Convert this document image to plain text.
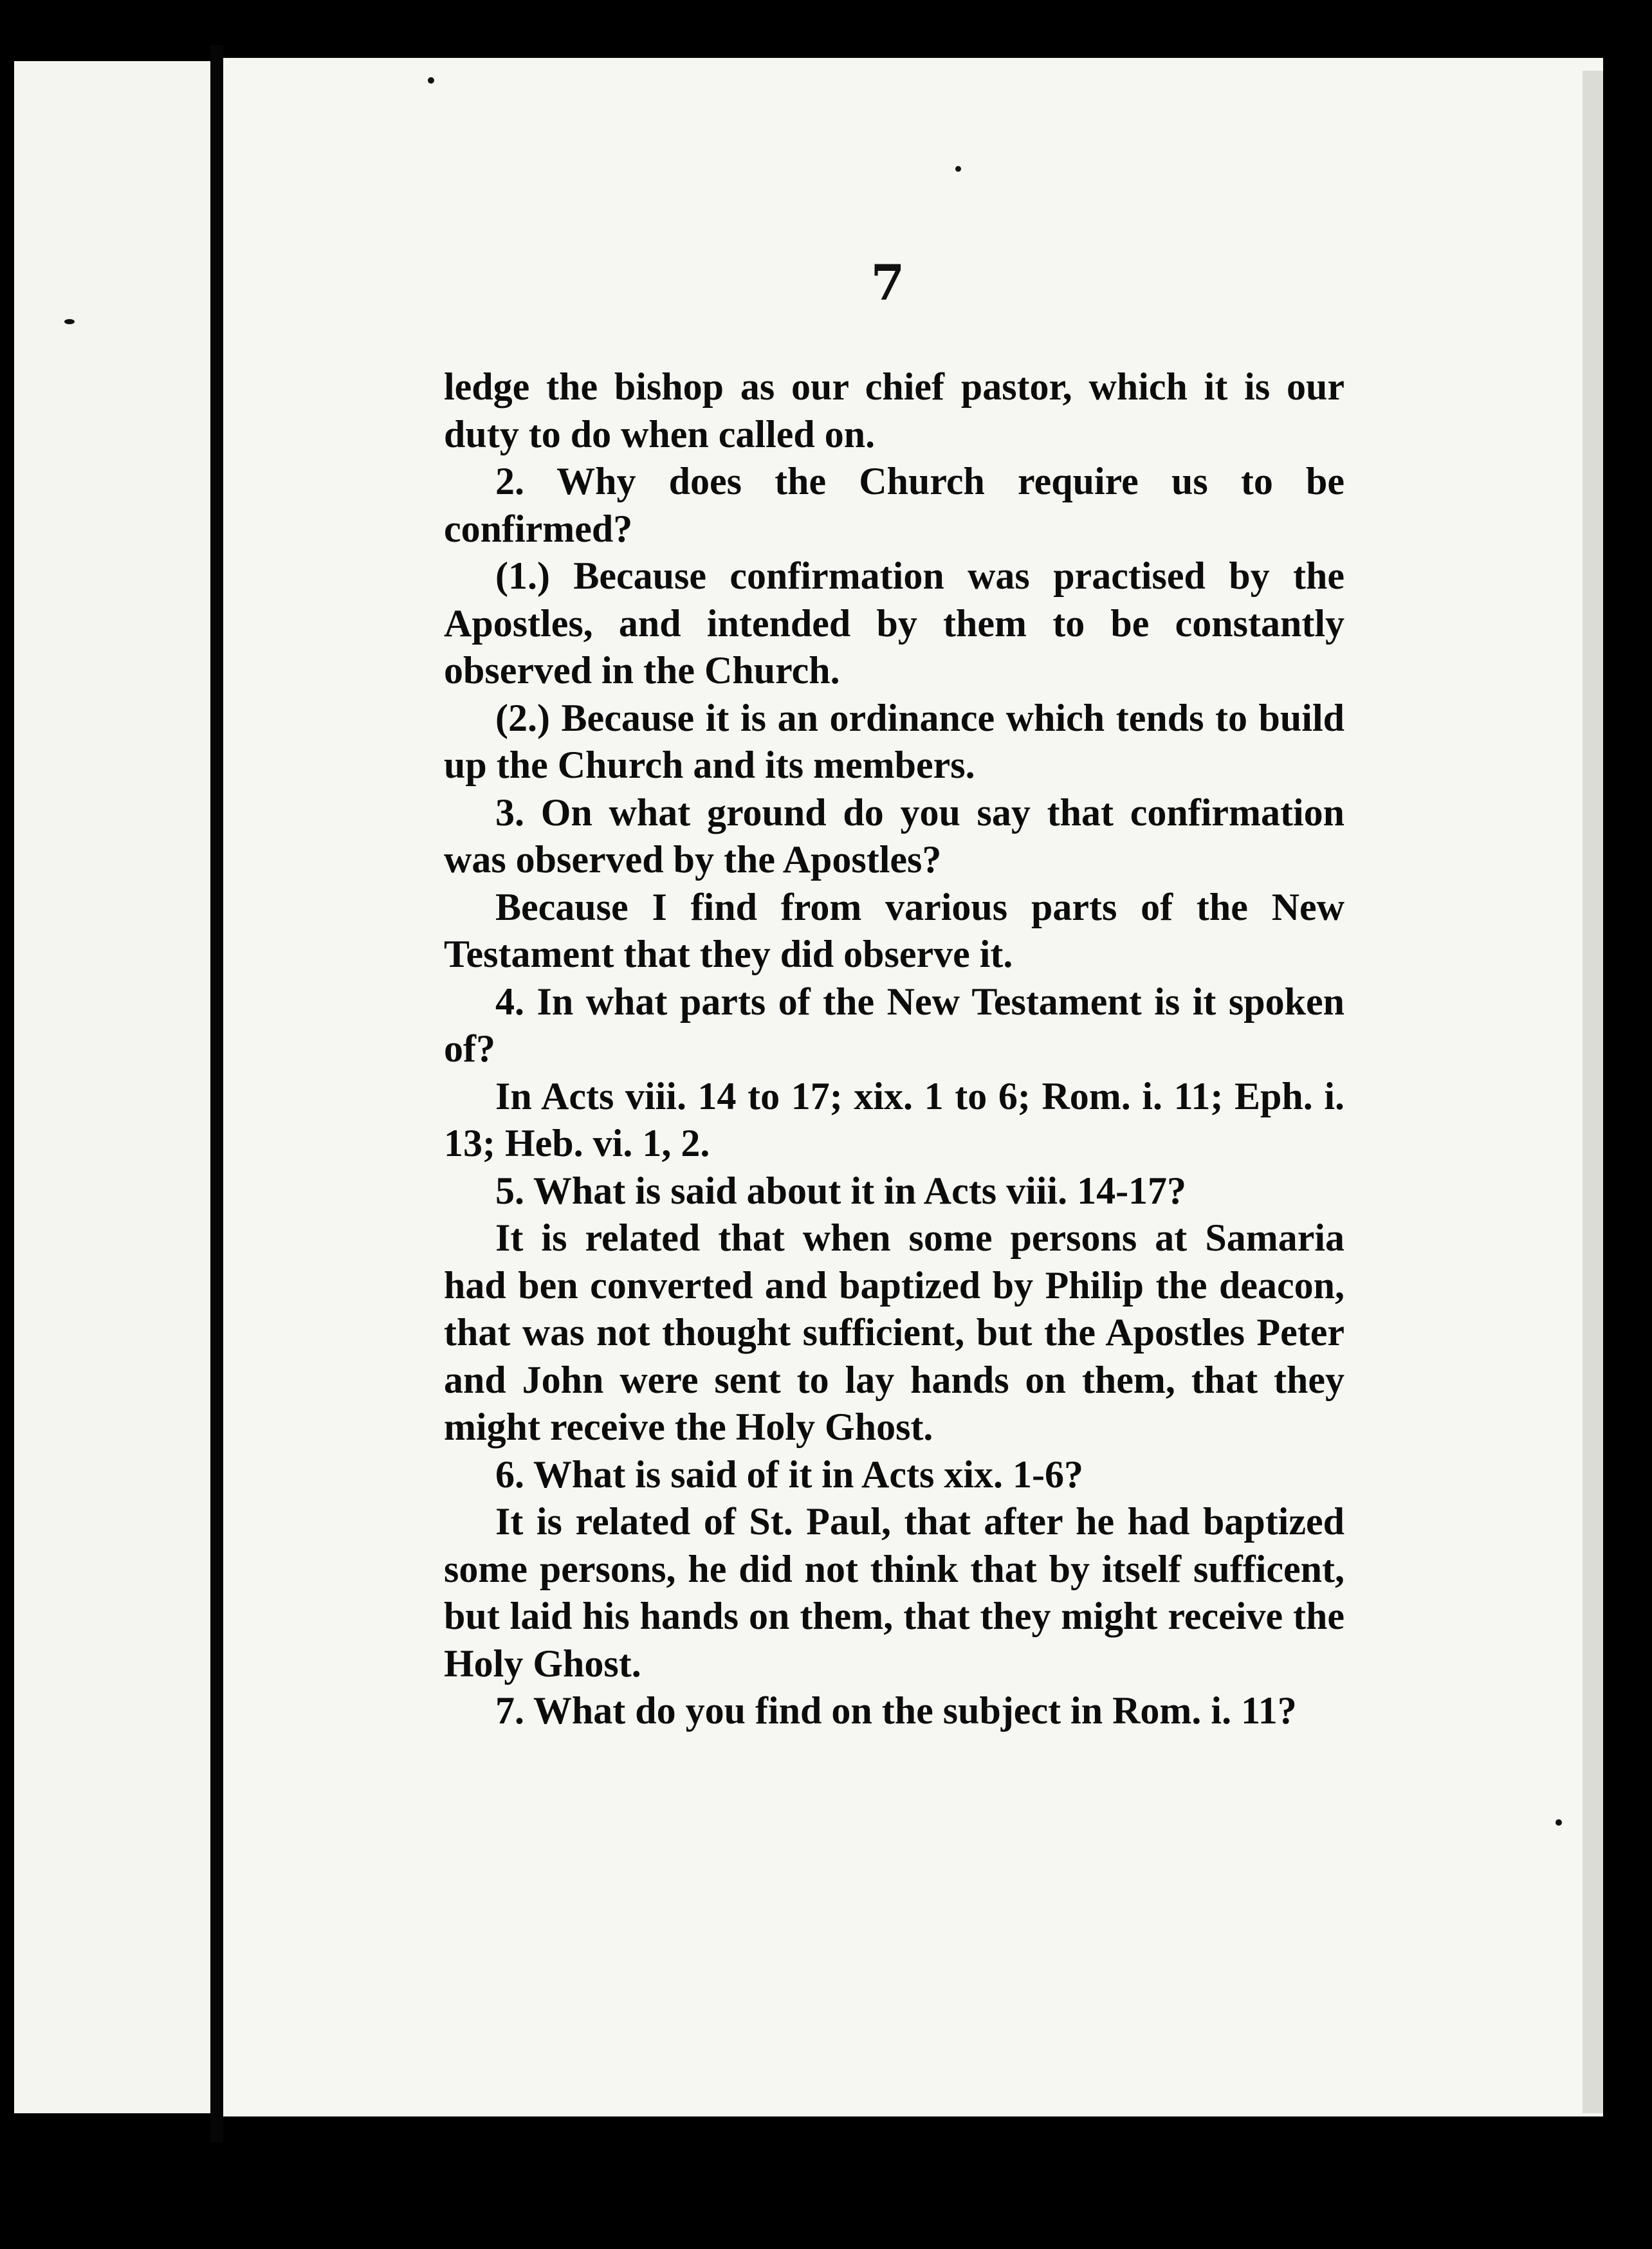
7

ledge the bishop as our chief pastor, which it is our duty to do when called on.

2. Why does the Church require us to be confirmed?

(1.) Because confirmation was practised by the Apostles, and intended by them to be constantly observed in the Church.

(2.) Because it is an ordinance which tends to build up the Church and its members.

3. On what ground do you say that confirmation was observed by the Apostles?

Because I find from various parts of the New Testament that they did observe it.

4. In what parts of the New Testament is it spoken of?

In Acts viii. 14 to 17; xix. 1 to 6; Rom. i. 11; Eph. i. 13; Heb. vi. 1, 2.

5. What is said about it in Acts viii. 14-17?

It is related that when some persons at Samaria had ben converted and baptized by Philip the deacon, that was not thought sufficient, but the Apostles Peter and John were sent to lay hands on them, that they might receive the Holy Ghost.

6. What is said of it in Acts xix. 1-6?

It is related of St. Paul, that after he had baptized some persons, he did not think that by itself sufficent, but laid his hands on them, that they might receive the Holy Ghost.

7. What do you find on the subject in Rom. i. 11?
